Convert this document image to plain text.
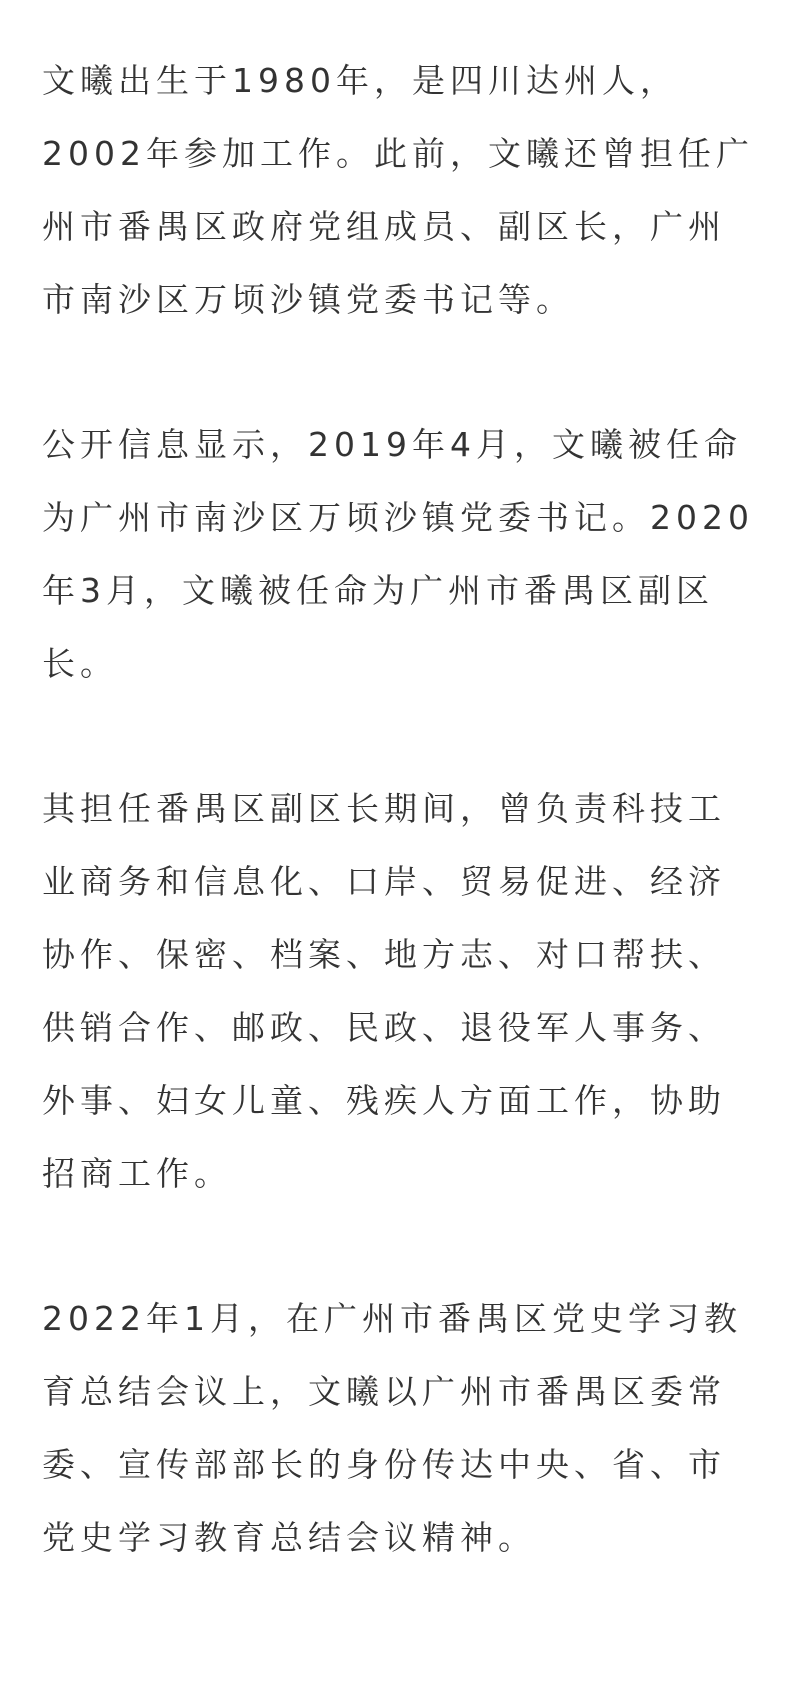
文曦出生于1980年，是四川达州人，
2002年参加工作。此前，文曦还曾担任广
州市番禺区政府党组成员、副区长，广州
市南沙区万顷沙镇党委书记等。

公开信息显示，2019年4月，文曦被任命
为广州市南沙区万顷沙镇党委书记。2020
年3月，文曦被任命为广州市番禺区副区
长。

其担任番禺区副区长期间，曾负责科技工
业商务和信息化、口岸、贸易促进、经济
协作、保密、档案、地方志、对口帮扶、
供销合作、邮政、民政、退役军人事务、
外事、妇女儿童、残疾人方面工作，协助
招商工作。

2022年1月，在广州市番禺区党史学习教
育总结会议上，文曦以广州市番禺区委常
委、宣传部部长的身份传达中央、省、市
党史学习教育总结会议精神。
